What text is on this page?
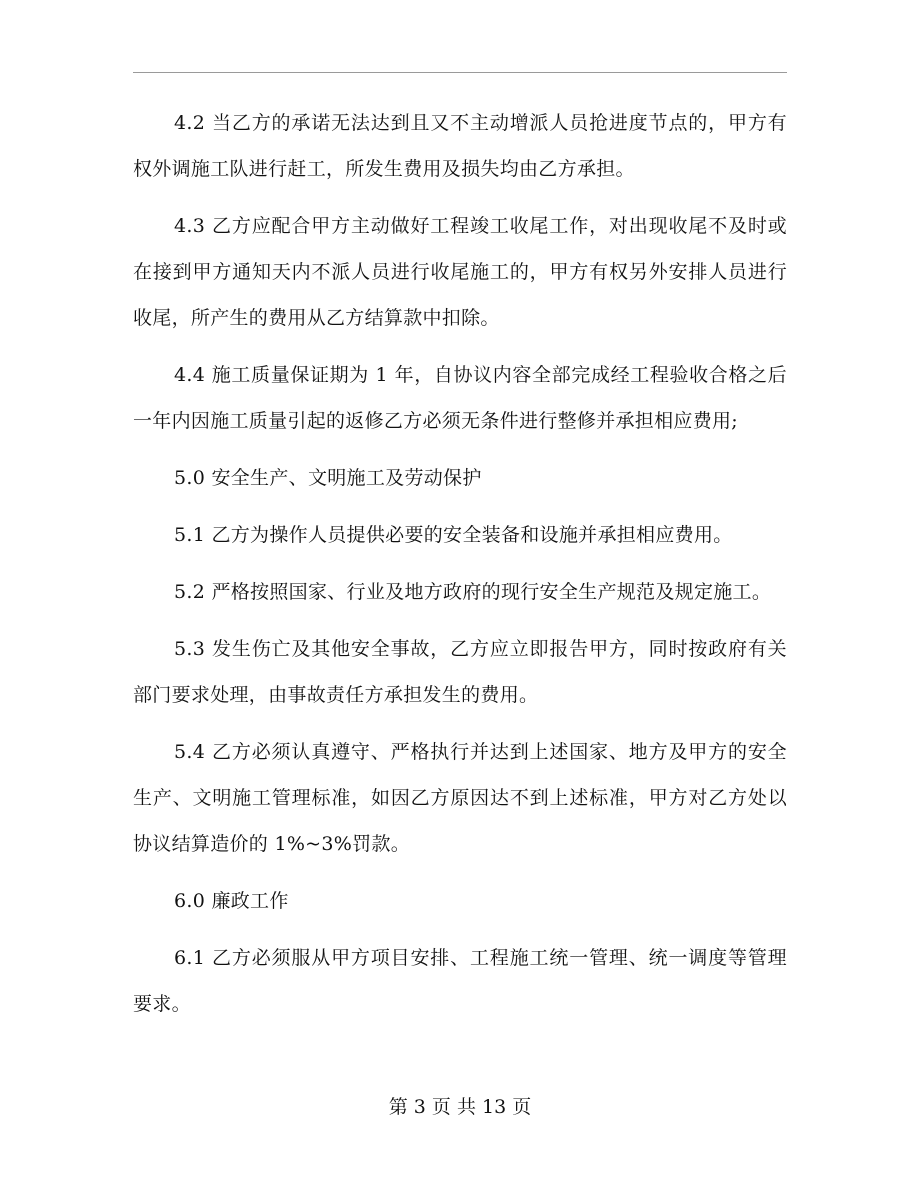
4.2 当乙方的承诺无法达到且又不主动增派人员抢进度节点的，甲方有权外调施工队进行赶工，所发生费用及损失均由乙方承担。

4.3 乙方应配合甲方主动做好工程竣工收尾工作，对出现收尾不及时或在接到甲方通知天内不派人员进行收尾施工的，甲方有权另外安排人员进行收尾，所产生的费用从乙方结算款中扣除。

4.4 施工质量保证期为 1 年，自协议内容全部完成经工程验收合格之后一年内因施工质量引起的返修乙方必须无条件进行整修并承担相应费用;

5.0 安全生产、文明施工及劳动保护

5.1 乙方为操作人员提供必要的安全装备和设施并承担相应费用。

5.2 严格按照国家、行业及地方政府的现行安全生产规范及规定施工。

5.3 发生伤亡及其他安全事故，乙方应立即报告甲方，同时按政府有关部门要求处理，由事故责任方承担发生的费用。

5.4 乙方必须认真遵守、严格执行并达到上述国家、地方及甲方的安全生产、文明施工管理标准，如因乙方原因达不到上述标准，甲方对乙方处以协议结算造价的 1%~3%罚款。

6.0 廉政工作

6.1 乙方必须服从甲方项目安排、工程施工统一管理、统一调度等管理要求。

第 3 页 共 13 页
